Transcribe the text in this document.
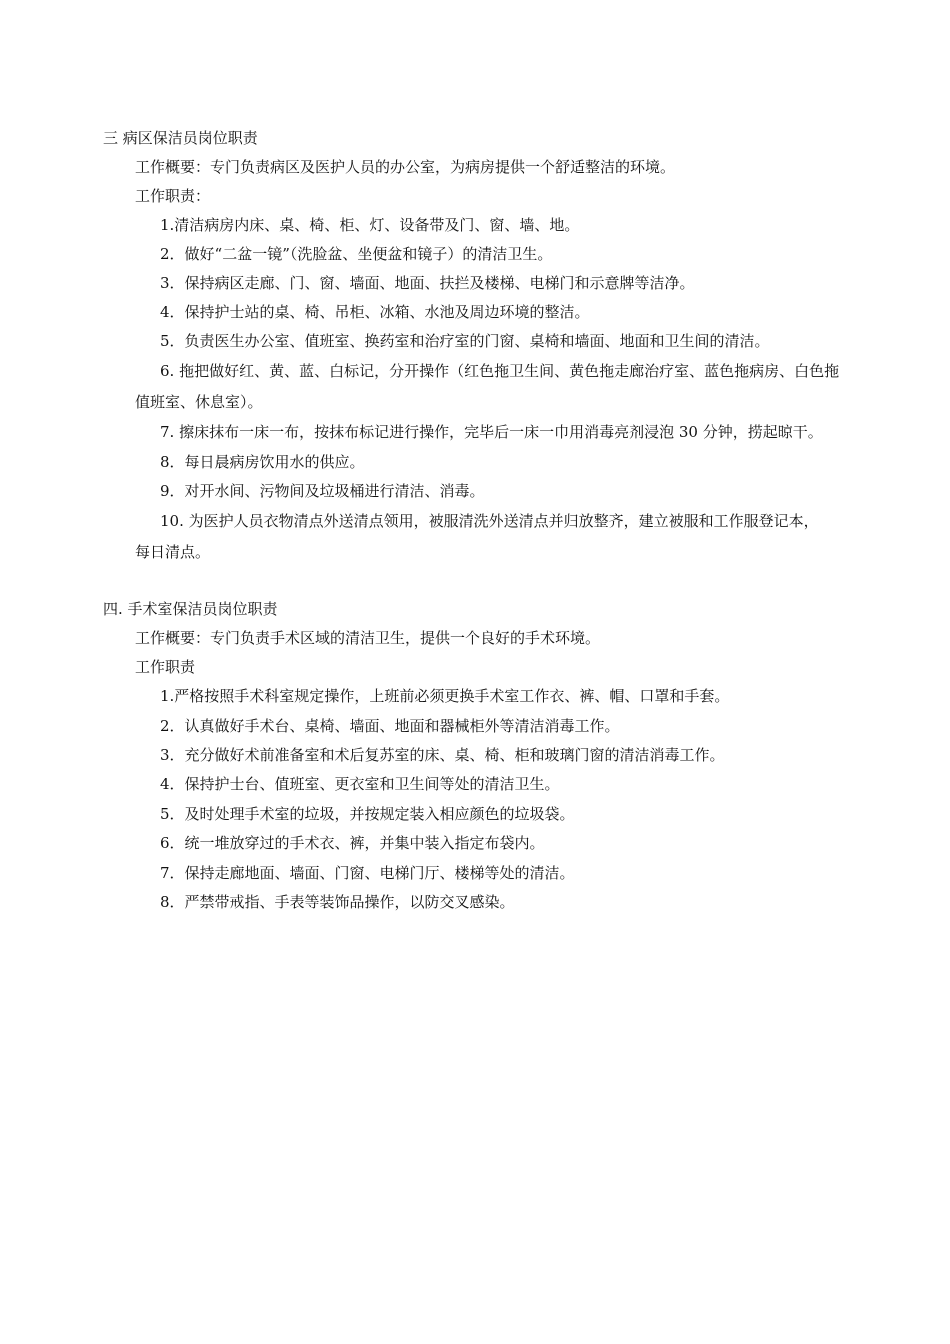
三 病区保洁员岗位职责
工作概要：专门负责病区及医护人员的办公室，为病房提供一个舒适整洁的环境。
工作职责：
1.清洁病房内床、桌、椅、柜、灯、设备带及门、窗、墙、地。
2．做好“二盆一镜”（洗脸盆、坐便盆和镜子）的清洁卫生。
3．保持病区走廊、门、窗、墙面、地面、扶拦及楼梯、电梯门和示意牌等洁净。
4．保持护士站的桌、椅、吊柜、冰箱、水池及周边环境的整洁。
5．负责医生办公室、值班室、换药室和治疗室的门窗、桌椅和墙面、地面和卫生间的清洁。
6. 拖把做好红、黄、蓝、白标记，分开操作（红色拖卫生间、黄色拖走廊治疗室、蓝色拖病房、白色拖
值班室、休息室）。
7. 擦床抹布一床一布，按抹布标记进行操作，完毕后一床一巾用消毒亮剂浸泡 30 分钟，捞起晾干。
8．每日晨病房饮用水的供应。
9．对开水间、污物间及垃圾桶进行清洁、消毒。
10. 为医护人员衣物清点外送清点领用，被服清洗外送清点并归放整齐，建立被服和工作服登记本，
每日清点。
四. 手术室保洁员岗位职责
工作概要：专门负责手术区域的清洁卫生，提供一个良好的手术环境。
工作职责
1.严格按照手术科室规定操作，上班前必须更换手术室工作衣、裤、帽、口罩和手套。
2．认真做好手术台、桌椅、墙面、地面和器械柜外等清洁消毒工作。
3．充分做好术前准备室和术后复苏室的床、桌、椅、柜和玻璃门窗的清洁消毒工作。
4．保持护士台、值班室、更衣室和卫生间等处的清洁卫生。
5．及时处理手术室的垃圾，并按规定装入相应颜色的垃圾袋。
6．统一堆放穿过的手术衣、裤，并集中装入指定布袋内。
7．保持走廊地面、墙面、门窗、电梯门厅、楼梯等处的清洁。
8．严禁带戒指、手表等装饰品操作，以防交叉感染。
